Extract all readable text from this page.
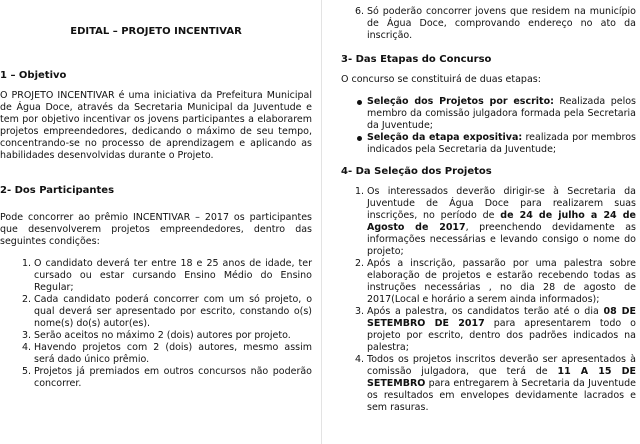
EDITAL – PROJETO INCENTIVAR
1 – Objetivo
O PROJETO INCENTIVAR é uma iniciativa da Prefeitura Municipal de Água Doce, através da Secretaria Municipal da Juventude e tem por objetivo incentivar os jovens participantes a elaborarem projetos empreendedores, dedicando o máximo de seu tempo, concentrando-se no processo de aprendizagem e aplicando as habilidades desenvolvidas durante o Projeto.
2- Dos Participantes
Pode concorrer ao prêmio INCENTIVAR – 2017 os participantes que desenvolverem projetos empreendedores, dentro das seguintes condições:
1. O candidato deverá ter entre 18 e 25 anos de idade, ter cursado ou estar cursando Ensino Médio do Ensino Regular;
2. Cada candidato poderá concorrer com um só projeto, o qual deverá ser apresentado por escrito, constando o(s) nome(s) do(s) autor(es).
3. Serão aceitos no máximo 2 (dois) autores por projeto.
4. Havendo projetos com 2 (dois) autores, mesmo assim será dado único prêmio.
5. Projetos já premiados em outros concursos não poderão concorrer.
6. Só poderão concorrer jovens que residem na município de Água Doce, comprovando endereço no ato da inscrição.
3- Das Etapas do Concurso
O concurso se constituirá de duas etapas:
Seleção dos Projetos por escrito: Realizada pelos membro da comissão julgadora formada pela Secretaria da Juventude;
Seleção da etapa expositiva: realizada por membros indicados pela Secretaria da Juventude;
4- Da Seleção dos Projetos
1. Os interessados deverão dirigir-se à Secretaria da Juventude de Água Doce para realizarem suas inscrições, no período de de 24 de julho a 24 de Agosto de 2017, preenchendo devidamente as informações necessárias e levando consigo o nome do projeto;
2. Após a inscrição, passarão por uma palestra sobre elaboração de projetos e estarão recebendo todas as instruções necessárias , no dia 28 de agosto de 2017(Local e horário a serem ainda informados);
3. Após a palestra, os candidatos terão até o dia 08 DE SETEMBRO DE 2017 para apresentarem todo o projeto por escrito, dentro dos padrões indicados na palestra;
4. Todos os projetos inscritos deverão ser apresentados à comissão julgadora, que terá de 11 A 15 DE SETEMBRO para entregarem à Secretaria da Juventude os resultados em envelopes devidamente lacrados e sem rasuras.
